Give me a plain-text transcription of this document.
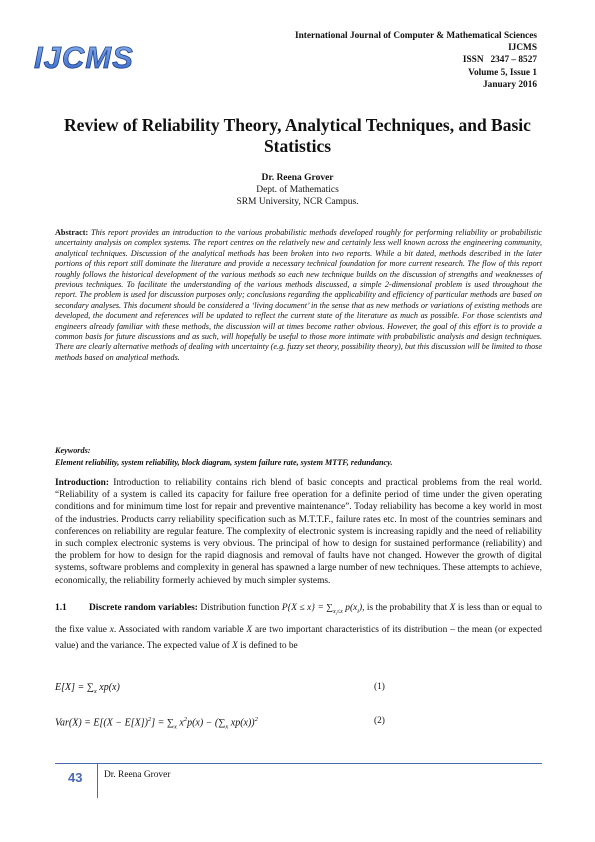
IJCMS
International Journal of Computer & Mathematical Sciences
IJCMS
ISSN   2347 – 8527
Volume 5, Issue 1
January 2016
Review of Reliability Theory, Analytical Techniques, and Basic Statistics
Dr. Reena Grover
Dept. of Mathematics
SRM University, NCR Campus.
Abstract: This report provides an introduction to the various probabilistic methods developed roughly for performing reliability or probabilistic uncertainty analysis on complex systems. The report centres on the relatively new and certainly less well known across the engineering community, analytical techniques. Discussion of the analytical methods has been broken into two reports. While a bit dated, methods described in the later portions of this report still dominate the literature and provide a necessary technical foundation for more current research. The flow of this report roughly follows the historical development of the various methods so each new technique builds on the discussion of strengths and weaknesses of previous techniques. To facilitate the understanding of the various methods discussed, a simple 2-dimensional problem is used throughout the report. The problem is used for discussion purposes only; conclusions regarding the applicability and efficiency of particular methods are based on secondary analyses. This document should be considered a ‘living document’ in the sense that as new methods or variations of existing methods are developed, the document and references will be updated to reflect the current state of the literature as much as possible. For those scientists and engineers already familiar with these methods, the discussion will at times become rather obvious. However, the goal of this effort is to provide a common basis for future discussions and as such, will hopefully be useful to those more intimate with probabilistic analysis and design techniques. There are clearly alternative methods of dealing with uncertainty (e.g. fuzzy set theory, possibility theory), but this discussion will be limited to those methods based on analytical methods.
Keywords:
Element reliability, system reliability, block diagram, system failure rate, system MTTF, redundancy.
Introduction: Introduction to reliability contains rich blend of basic concepts and practical problems from the real world. “Reliability of a system is called its capacity for failure free operation for a definite period of time under the given operating conditions and for minimum time lost for repair and preventive maintenance”. Today reliability has become a key world in most of the industries. Products carry reliability specification such as M.T.T.F., failure rates etc. In most of the countries seminars and conferences on reliability are regular feature. The complexity of electronic system is increasing rapidly and the need of reliability in such complex electronic systems is very obvious. The principal of how to design for sustained performance (reliability) and the problem for how to design for the rapid diagnosis and removal of faults have not changed. However the growth of digital systems, software problems and complexity in general has spawned a large number of new techniques. These attempts to achieve, economically, the reliability formerly achieved by much simpler systems.
1.1 Discrete random variables: Distribution function $P\{X \le x\} = \sum_{x_i\le x}$ $p(x_i)$, is the probability that X is less than or equal to the fixe value x. Associated with random variable X are two important characteristics of its distribution – the mean (or expected value) and the variance. The expected value of X is defined to be
$E[X] = \sum_x$ xp(x)	(1)
$Var(X) = E[(X - E[X])^2] = \sum_x$ $x^2p(x) - (\sum_x$ xp(x))$^2$	(2)
43 Dr. Reena Grover
